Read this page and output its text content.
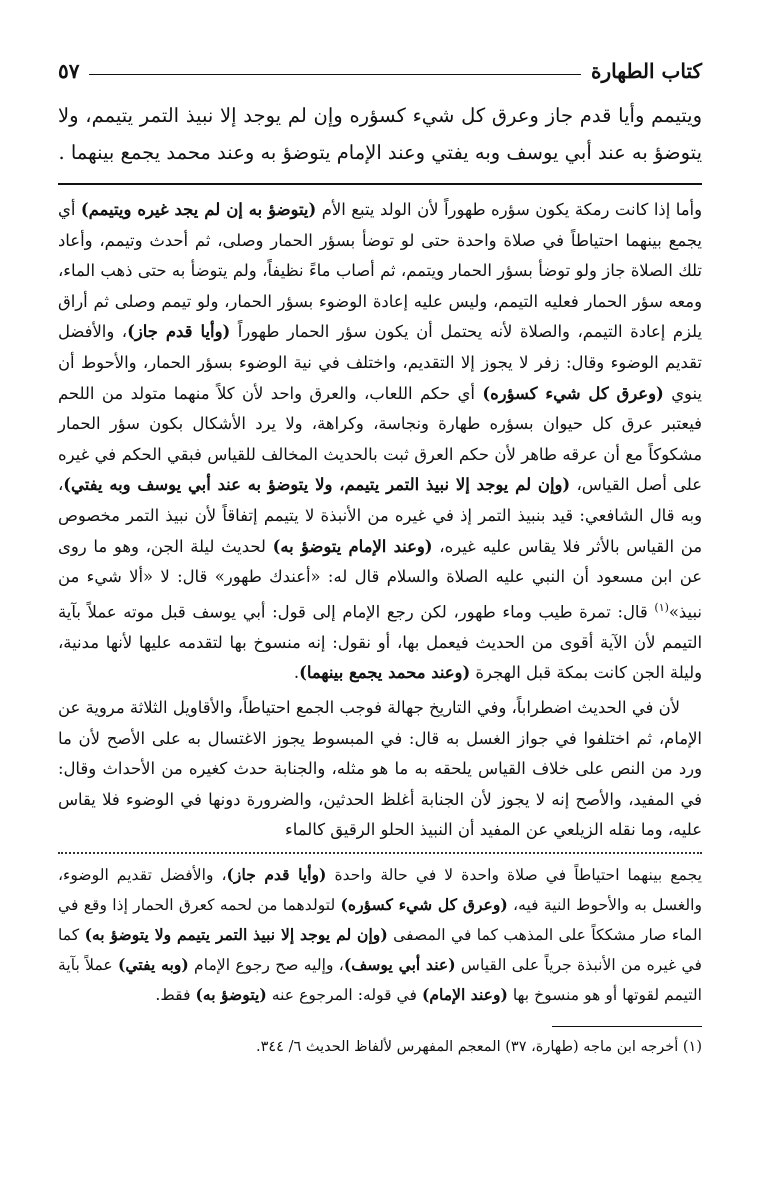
كتاب الطهارة
٥٧

ويتيمم وأيا قدم جاز وعرق كل شيء كسؤره وإن لم يوجد إلا نبيذ التمر يتيمم، ولا يتوضؤ به عند أبي يوسف وبه يفتي وعند الإمام يتوضؤ به وعند محمد يجمع بينهما .

وأما إذا كانت رمكة يكون سؤره طهوراً لأن الولد يتبع الأم (يتوضؤ به إن لم يجد غيره ويتيمم) أي يجمع بينهما احتياطاً في صلاة واحدة حتى لو توضأ بسؤر الحمار وصلى، ثم أحدث وتيمم، وأعاد تلك الصلاة جاز ولو توضأ بسؤر الحمار ويتمم، ثم أصاب ماءً نظيفاً، ولم يتوضأ به حتى ذهب الماء، ومعه سؤر الحمار فعليه التيمم، وليس عليه إعادة الوضوء بسؤر الحمار، ولو تيمم وصلى ثم أراق يلزم إعادة التيمم، والصلاة لأنه يحتمل أن يكون سؤر الحمار طهوراً (وأيا قدم جاز)، والأفضل تقديم الوضوء وقال: زفر لا يجوز إلا التقديم، واختلف في نية الوضوء بسؤر الحمار، والأحوط أن ينوي (وعرق كل شيء كسؤره) أي حكم اللعاب، والعرق واحد لأن كلاً منهما متولد من اللحم فيعتبر عرق كل حيوان بسؤره طهارة ونجاسة، وكراهة، ولا يرد الأشكال بكون سؤر الحمار مشكوكاً مع أن عرقه طاهر لأن حكم العرق ثبت بالحديث المخالف للقياس فبقي الحكم في غيره على أصل القياس، (وإن لم يوجد إلا نبيذ التمر يتيمم، ولا يتوضؤ به عند أبي يوسف وبه يفتي)، وبه قال الشافعي: قيد بنبيذ التمر إذ في غيره من الأنبذة لا يتيمم إتفاقاً لأن نبيذ التمر مخصوص من القياس بالأثر فلا يقاس عليه غيره، (وعند الإمام يتوضؤ به) لحديث ليلة الجن، وهو ما روى عن ابن مسعود أن النبي عليه الصلاة والسلام قال له: «أعندك طهور» قال: لا «ألا شيء من نبيذ»$^{(١)}$ قال: تمرة طيب وماء طهور، لكن رجع الإمام إلى قول: أبي يوسف قبل موته عملاً بآية التيمم لأن الآية أقوى من الحديث فيعمل بها، أو نقول: إنه منسوخ بها لتقدمه عليها لأنها مدنية، وليلة الجن كانت بمكة قبل الهجرة (وعند محمد يجمع بينهما).

لأن في الحديث اضطراباً، وفي التاريخ جهالة فوجب الجمع احتياطاً، والأقاويل الثلاثة مروية عن الإمام، ثم اختلفوا في جواز الغسل به قال: في المبسوط يجوز الاغتسال به على الأصح لأن ما ورد من النص على خلاف القياس يلحقه به ما هو مثله، والجنابة حدث كغيره من الأحداث وقال: في المفيد، والأصح إنه لا يجوز لأن الجنابة أغلظ الحدثين، والضرورة دونها في الوضوء فلا يقاس عليه، وما نقله الزيلعي عن المفيد أن النبيذ الحلو الرقيق كالماء

يجمع بينهما احتياطاً في صلاة واحدة لا في حالة واحدة (وأيا قدم جاز)، والأفضل تقديم الوضوء، والغسل به والأحوط النية فيه، (وعرق كل شيء كسؤره) لتولدهما من لحمه كعرق الحمار إذا وقع في الماء صار مشككاً على المذهب كما في المصفى (وإن لم يوجد إلا نبيذ التمر يتيمم ولا يتوضؤ به) كما في غيره من الأنبذة جرياً على القياس (عند أبي يوسف)، وإليه صح رجوع الإمام (وبه يفتي) عملاً بآية التيمم لقوتها أو هو منسوخ بها (وعند الإمام) في قوله: المرجوع عنه (يتوضؤ به) فقط.

(١) أخرجه ابن ماجه (طهارة، ٣٧) المعجم المفهرس لألفاظ الحديث ٦/ ٣٤٤.
